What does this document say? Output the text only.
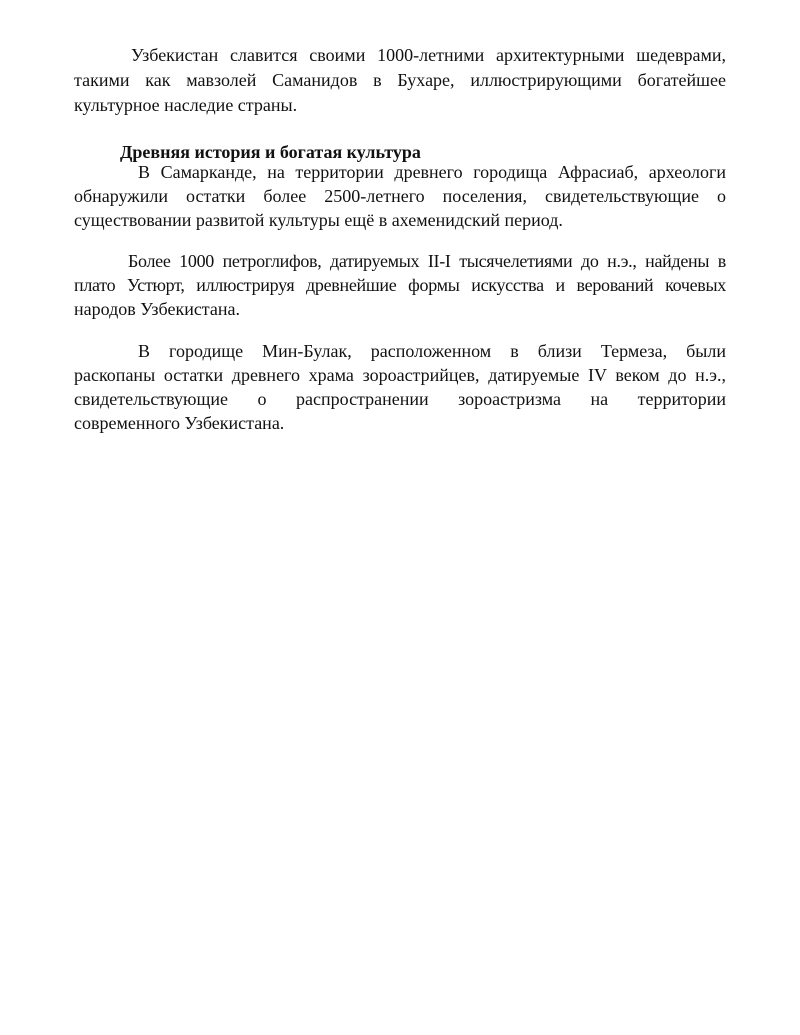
Узбекистан славится своими 1000-летними архитектурными шедеврами,

такими как мавзолей Саманидов в Бухаре, иллюстрирующими богатейшее

культурное наследие страны.

Древняя история и богатая культура

В Самарканде, на территории древнего городища Афрасиаб, археологи

обнаружили остатки более 2500-летнего поселения, свидетельствующие о

существовании развитой культуры ещё в ахеменидский период.

Более 1000 петроглифов, датируемых II-I тысячелетиями до н.э., найдены в

плато Устюрт, иллюстрируя древнейшие формы искусства и верований кочевых

народов Узбекистана.

В городище Мин-Булак, расположенном в близи Термеза, были

раскопаны остатки древнего храма зороастрийцев, датируемые IV веком до н.э.,

свидетельствующие о распространении зороастризма на территории

современного Узбекистана.
